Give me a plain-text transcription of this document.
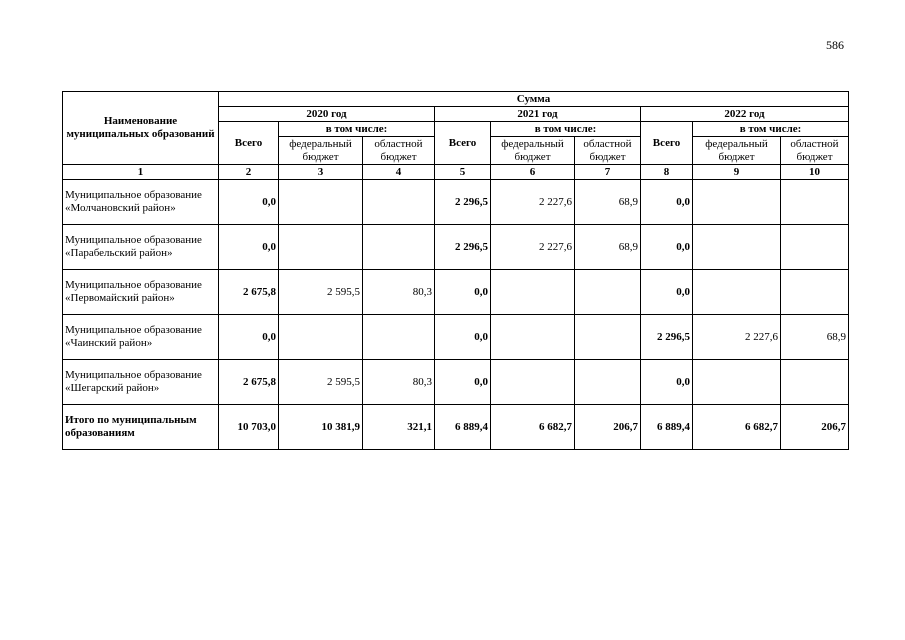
586
Наименование муниципальных образований	Сумма								
	2020 год			2021 год			2022 год		
	Всего	в том числе:		Всего	в том числе:		Всего	в том числе:	
		федеральный бюджет	областной бюджет		федеральный бюджет	областной бюджет		федеральный бюджет	областной бюджет
1	2	3	4	5	6	7	8	9	10
Муниципальное образование «Молчановский район»	0,0			2 296,5	2 227,6	68,9	0,0		
Муниципальное образование «Парабельский район»	0,0			2 296,5	2 227,6	68,9	0,0		
Муниципальное образование «Первомайский район»	2 675,8	2 595,5	80,3	0,0			0,0		
Муниципальное образование «Чаинский район»	0,0			0,0			2 296,5	2 227,6	68,9
Муниципальное образование «Шегарский район»	2 675,8	2 595,5	80,3	0,0			0,0		
Итого по муниципальным образованиям	10 703,0	10 381,9	321,1	6 889,4	6 682,7	206,7	6 889,4	6 682,7	206,7
